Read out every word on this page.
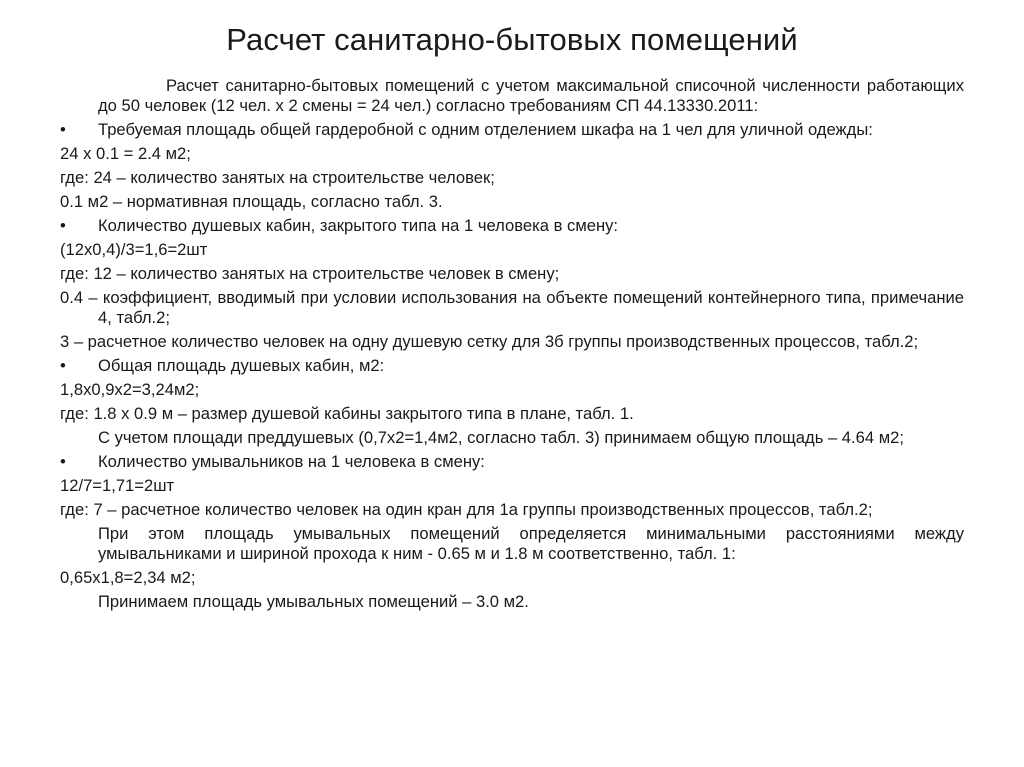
Расчет санитарно-бытовых помещений

Расчет санитарно-бытовых помещений с учетом максимальной списочной численности работающих до 50 человек (12 чел. х 2 смены = 24 чел.) согласно требованиям СП 44.13330.2011:

•	Требуемая площадь общей гардеробной с одним отделением шкафа на 1 чел для уличной одежды:

24 х 0.1 = 2.4 м2;

где: 24 – количество занятых на строительстве человек;

0.1 м2 – нормативная площадь, согласно табл. 3.

•	Количество душевых кабин, закрытого типа на 1 человека в смену:

(12х0,4)/3=1,6=2шт

где: 12 – количество занятых на строительстве человек в смену;

0.4 – коэффициент, вводимый при условии использования на объекте помещений контейнерного типа, примечание 4, табл.2;

3 – расчетное количество человек на одну душевую сетку для 3б группы производственных процессов, табл.2;

•	Общая площадь душевых кабин, м2:

1,8х0,9х2=3,24м2;

где: 1.8 х 0.9 м – размер душевой кабины закрытого типа в плане, табл. 1.

С учетом площади преддушевых (0,7х2=1,4м2, согласно табл. 3) принимаем общую площадь – 4.64 м2;

•	Количество умывальников на 1 человека в смену:

12/7=1,71=2шт

где: 7 – расчетное количество человек на один кран для 1а группы производственных процессов, табл.2;

При этом площадь умывальных помещений определяется минимальными расстояниями между умывальниками и шириной прохода к ним - 0.65 м и 1.8 м соответственно, табл. 1:

0,65х1,8=2,34 м2;

Принимаем площадь умывальных помещений – 3.0 м2.
